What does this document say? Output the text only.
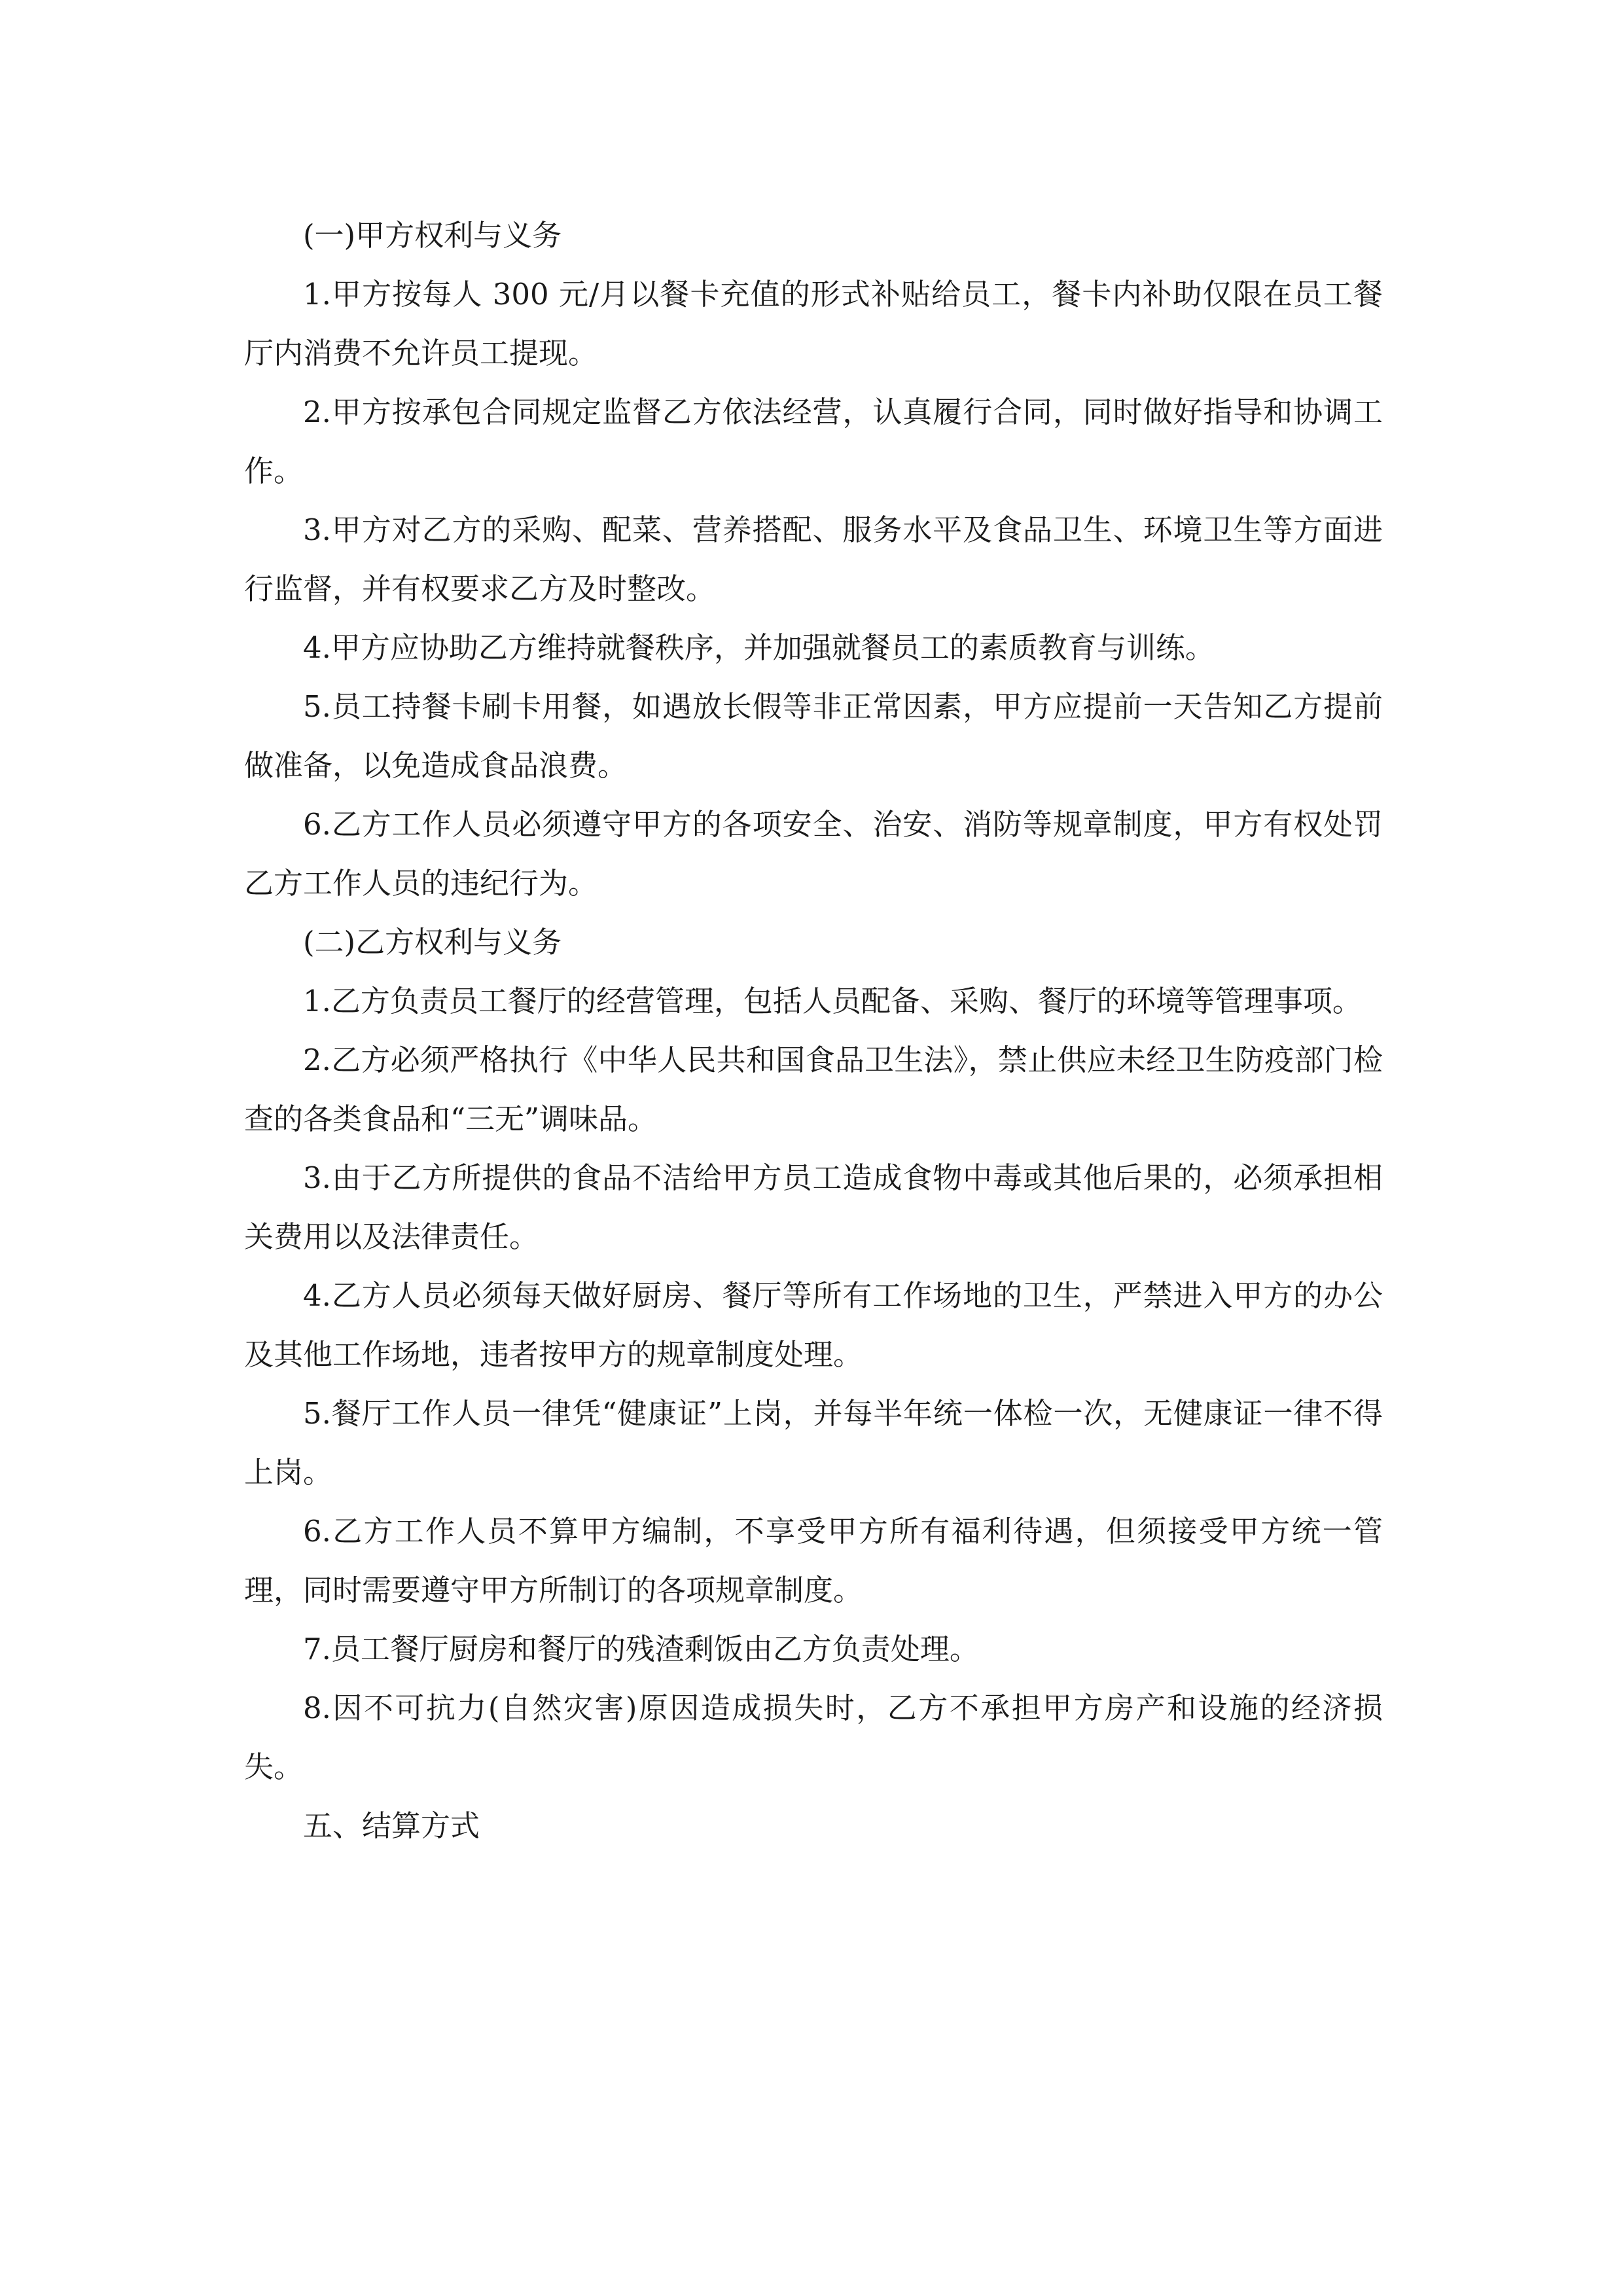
(一)甲方权利与义务

1.甲方按每人 300 元/月以餐卡充值的形式补贴给员工，餐卡内补助仅限在员工餐厅内消费不允许员工提现。

2.甲方按承包合同规定监督乙方依法经营，认真履行合同，同时做好指导和协调工作。

3.甲方对乙方的采购、配菜、营养搭配、服务水平及食品卫生、环境卫生等方面进行监督，并有权要求乙方及时整改。

4.甲方应协助乙方维持就餐秩序，并加强就餐员工的素质教育与训练。

5.员工持餐卡刷卡用餐，如遇放长假等非正常因素，甲方应提前一天告知乙方提前做准备，以免造成食品浪费。

6.乙方工作人员必须遵守甲方的各项安全、治安、消防等规章制度，甲方有权处罚乙方工作人员的违纪行为。

(二)乙方权利与义务

1.乙方负责员工餐厅的经营管理，包括人员配备、采购、餐厅的环境等管理事项。

2.乙方必须严格执行《中华人民共和国食品卫生法》，禁止供应未经卫生防疫部门检查的各类食品和“三无”调味品。

3.由于乙方所提供的食品不洁给甲方员工造成食物中毒或其他后果的，必须承担相关费用以及法律责任。

4.乙方人员必须每天做好厨房、餐厅等所有工作场地的卫生，严禁进入甲方的办公及其他工作场地，违者按甲方的规章制度处理。

5.餐厅工作人员一律凭“健康证”上岗，并每半年统一体检一次，无健康证一律不得上岗。

6.乙方工作人员不算甲方编制，不享受甲方所有福利待遇，但须接受甲方统一管理，同时需要遵守甲方所制订的各项规章制度。

7.员工餐厅厨房和餐厅的残渣剩饭由乙方负责处理。

8.因不可抗力(自然灾害)原因造成损失时，乙方不承担甲方房产和设施的经济损失。

五、结算方式
